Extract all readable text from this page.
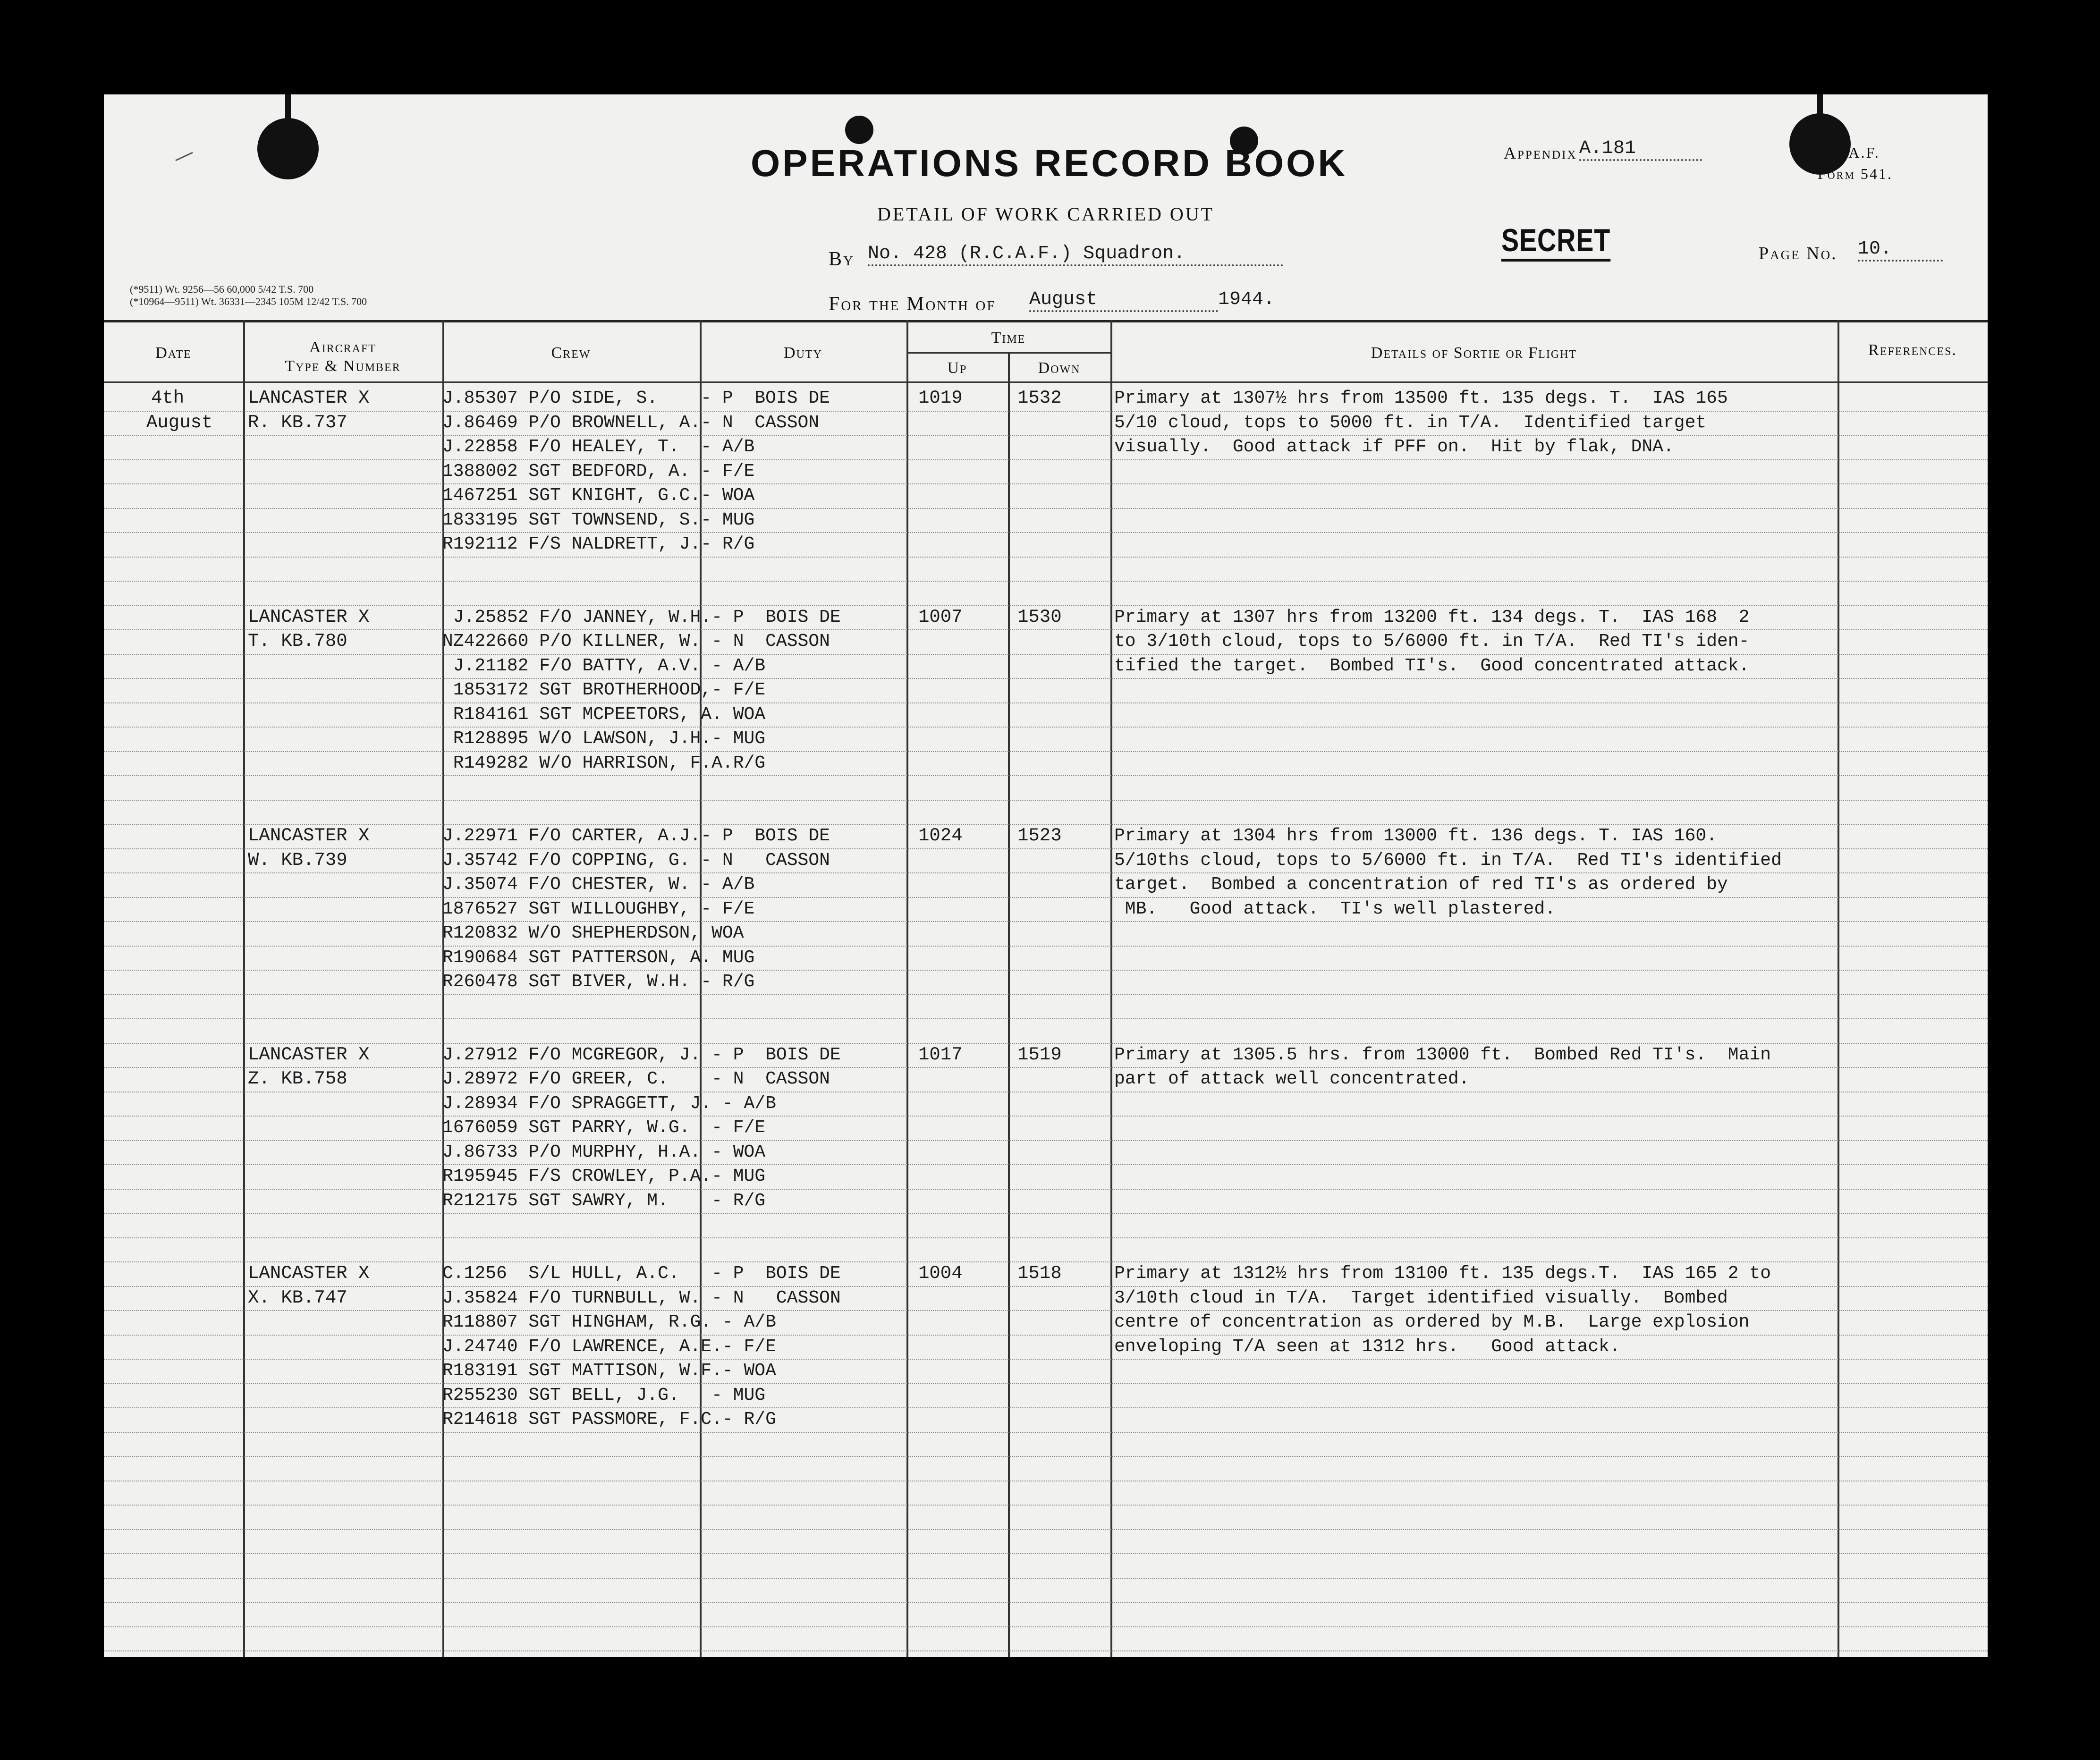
OPERATIONS RECORD BOOK	Appendix A.181	R.A.F.
Form 541.
DETAIL OF WORK CARRIED OUT
By No. 428 (R.C.A.F.) Squadron.	SECRET	Page No. 10.
For the Month of August	1944.
(*9511) Wt. 9256—56 60,000 5/42 T.S. 700
(*10964—9511) Wt. 36331—2345 105M 12/42 T.S. 700
Date	Aircraft
Type & Number
Crew	Duty
Time
Up	Down
Details of Sortie or Flight	References.
4th
August
LANCASTER X
R. KB.737
J.85307 P/O SIDE, S.    - P  BOIS DE
J.86469 P/O BROWNELL, A.- N  CASSON
J.22858 F/O HEALEY, T.  - A/B
1388002 SGT BEDFORD, A. - F/E
1467251 SGT KNIGHT, G.C.- WOA
1833195 SGT TOWNSEND, S.- MUG
R192112 F/S NALDRETT, J.- R/G
1019	1532	Primary at 1307½ hrs from 13500 ft. 135 degs. T.  IAS 165
5/10 cloud, tops to 5000 ft. in T/A.  Identified target
visually.  Good attack if PFF on.  Hit by flak, DNA.
LANCASTER X
T. KB.780
J.25852 F/O JANNEY, W.H.- P  BOIS DE
NZ422660 P/O KILLNER, W. - N  CASSON
J.21182 F/O BATTY, A.V. - A/B
1853172 SGT BROTHERHOOD,- F/E
R184161 SGT MCPEETORS, A. WOA
R128895 W/O LAWSON, J.H.- MUG
R149282 W/O HARRISON, F.A.R/G
1007	1530	Primary at 1307 hrs from 13200 ft. 134 degs. T.  IAS 168  2
to 3/10th cloud, tops to 5/6000 ft. in T/A.  Red TI's iden-
tified the target.  Bombed TI's.  Good concentrated attack.
LANCASTER X
W. KB.739
J.22971 F/O CARTER, A.J.- P  BOIS DE
J.35742 F/O COPPING, G. - N   CASSON
J.35074 F/O CHESTER, W. - A/B
1876527 SGT WILLOUGHBY, - F/E
R120832 W/O SHEPHERDSON, WOA
R190684 SGT PATTERSON, A. MUG
R260478 SGT BIVER, W.H. - R/G
1024	1523	Primary at 1304 hrs from 13000 ft. 136 degs. T. IAS 160.
5/10ths cloud, tops to 5/6000 ft. in T/A.  Red TI's identified
target.  Bombed a concentration of red TI's as ordered by
MB.   Good attack.  TI's well plastered.
LANCASTER X
Z. KB.758
J.27912 F/O MCGREGOR, J. - P  BOIS DE
J.28972 F/O GREER, C.    - N  CASSON
J.28934 F/O SPRAGGETT, J. - A/B
1676059 SGT PARRY, W.G.  - F/E
J.86733 P/O MURPHY, H.A. - WOA
R195945 F/S CROWLEY, P.A.- MUG
R212175 SGT SAWRY, M.    - R/G
1017	1519	Primary at 1305.5 hrs. from 13000 ft.  Bombed Red TI's.  Main
part of attack well concentrated.
LANCASTER X
X. KB.747
C.1256  S/L HULL, A.C.   - P  BOIS DE
J.35824 F/O TURNBULL, W. - N   CASSON
R118807 SGT HINGHAM, R.G. - A/B
J.24740 F/O LAWRENCE, A.E.- F/E
R183191 SGT MATTISON, W.F.- WOA
R255230 SGT BELL, J.G.   - MUG
R214618 SGT PASSMORE, F.C.- R/G
1004	1518	Primary at 1312½ hrs from 13100 ft. 135 degs.T.  IAS 165 2 to
3/10th cloud in T/A.  Target identified visually.  Bombed
centre of concentration as ordered by M.B.  Large explosion
enveloping T/A seen at 1312 hrs.   Good attack.
